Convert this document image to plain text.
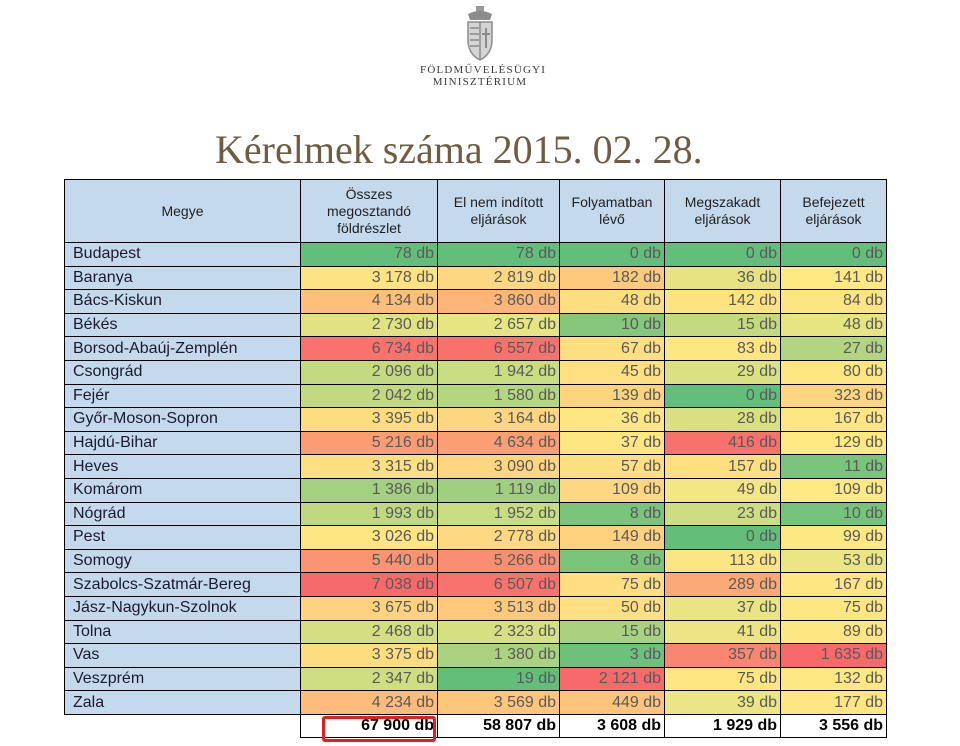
FÖLDMŰVELÉSÜGYI
MINISZTÉRIUM
Kérelmek száma 2015. 02. 28.
Megye	Összes megosztandó földrészlet	El nem indított eljárások	Folyamatban lévő	Megszakadt eljárások	Befejezett eljárások
Budapest	78 db	78 db	0 db	0 db	0 db
Baranya	3 178 db	2 819 db	182 db	36 db	141 db
Bács-Kiskun	4 134 db	3 860 db	48 db	142 db	84 db
Békés	2 730 db	2 657 db	10 db	15 db	48 db
Borsod-Abaúj-Zemplén	6 734 db	6 557 db	67 db	83 db	27 db
Csongrád	2 096 db	1 942 db	45 db	29 db	80 db
Fejér	2 042 db	1 580 db	139 db	0 db	323 db
Győr-Moson-Sopron	3 395 db	3 164 db	36 db	28 db	167 db
Hajdú-Bihar	5 216 db	4 634 db	37 db	416 db	129 db
Heves	3 315 db	3 090 db	57 db	157 db	11 db
Komárom	1 386 db	1 119 db	109 db	49 db	109 db
Nógrád	1 993 db	1 952 db	8 db	23 db	10 db
Pest	3 026 db	2 778 db	149 db	0 db	99 db
Somogy	5 440 db	5 266 db	8 db	113 db	53 db
Szabolcs-Szatmár-Bereg	7 038 db	6 507 db	75 db	289 db	167 db
Jász-Nagykun-Szolnok	3 675 db	3 513 db	50 db	37 db	75 db
Tolna	2 468 db	2 323 db	15 db	41 db	89 db
Vas	3 375 db	1 380 db	3 db	357 db	1 635 db
Veszprém	2 347 db	19 db	2 121 db	75 db	132 db
Zala	4 234 db	3 569 db	449 db	39 db	177 db
	67 900 db	58 807 db	3 608 db	1 929 db	3 556 db
